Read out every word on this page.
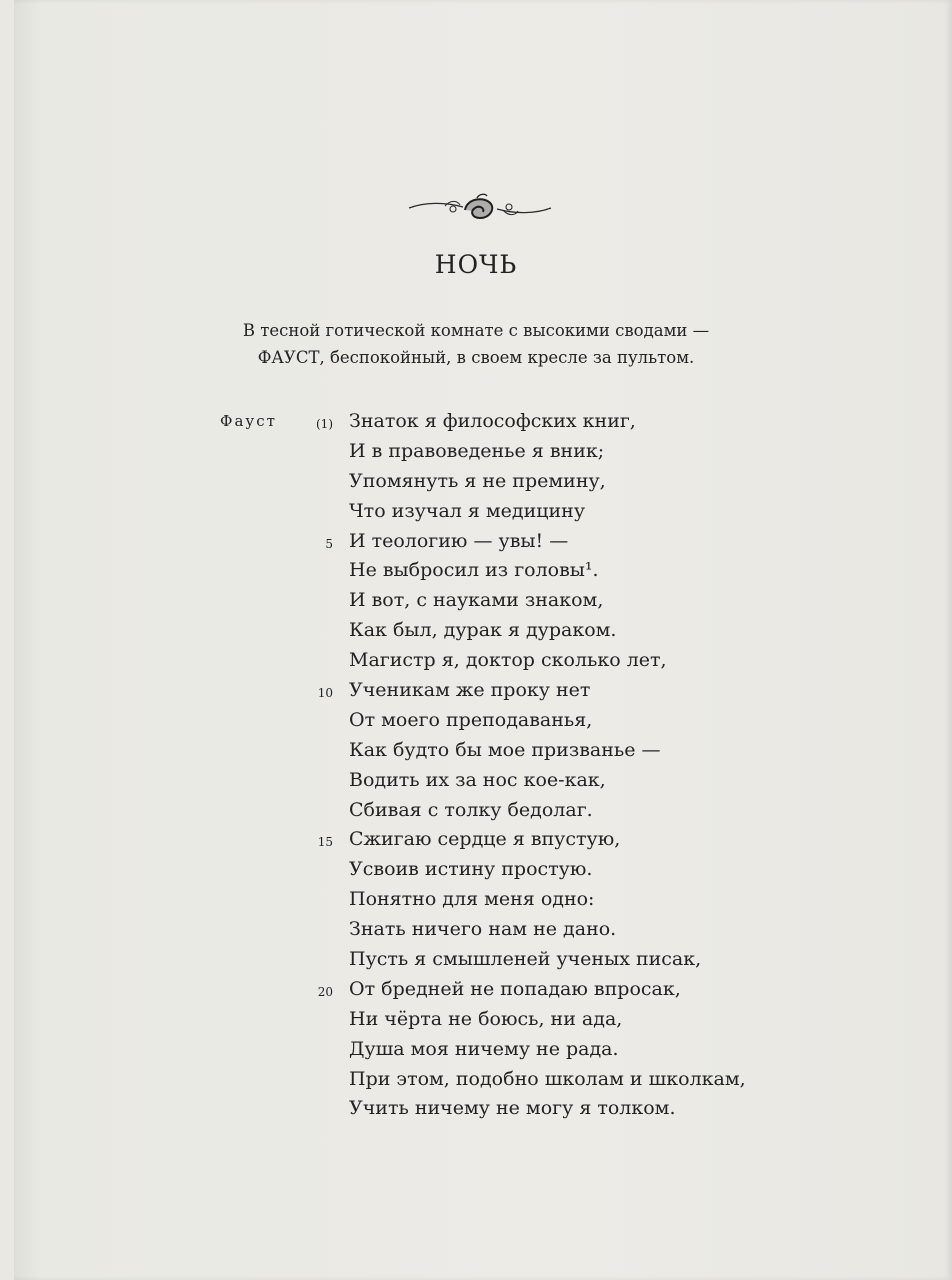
НОЧЬ
В тесной готической комнате с высокими сводами —
ФАУСТ, беспокойный, в своем кресле за пультом.
Фауст	(1) Знаток я философских книг,
И в правоведенье я вник;
Упомянуть я не премину,
Что изучал я медицину
5 И теологию — увы! —
Не выбросил из головы¹.
И вот, с науками знаком,
Как был, дурак я дураком.
Магистр я, доктор сколько лет,
10 Ученикам же проку нет
От моего преподаванья,
Как будто бы мое призванье —
Водить их за нос кое-как,
Сбивая с толку бедолаг.
15 Сжигаю сердце я впустую,
Усвоив истину простую.
Понятно для меня одно:
Знать ничего нам не дано.
Пусть я смышленей ученых писак,
20 От бредней не попадаю впросак,
Ни чёрта не боюсь, ни ада,
Душа моя ничему не рада.
При этом, подобно школам и школкам,
Учить ничему не могу я толком.
